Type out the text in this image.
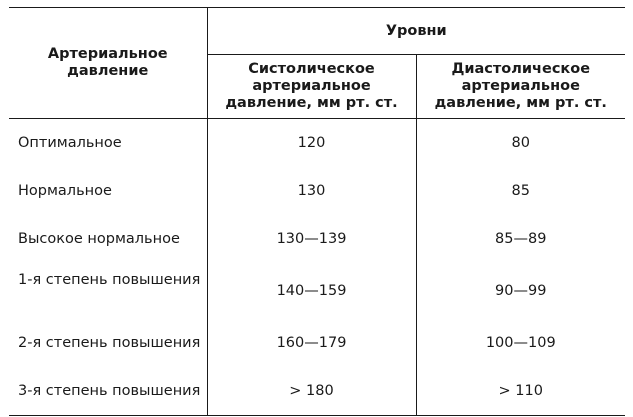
Артериальное давление	Уровни	
	Систолическое артериальное давление, мм рт. ст.	Диастолическое артериальное давление, мм рт. ст.
Оптимальное	120	80
Нормальное	130	85
Высокое нормальное	130—139	85—89
1-я степень повышения	140—159	90—99
2-я степень повышения	160—179	100—109
3-я степень повышения	> 180	> 110
